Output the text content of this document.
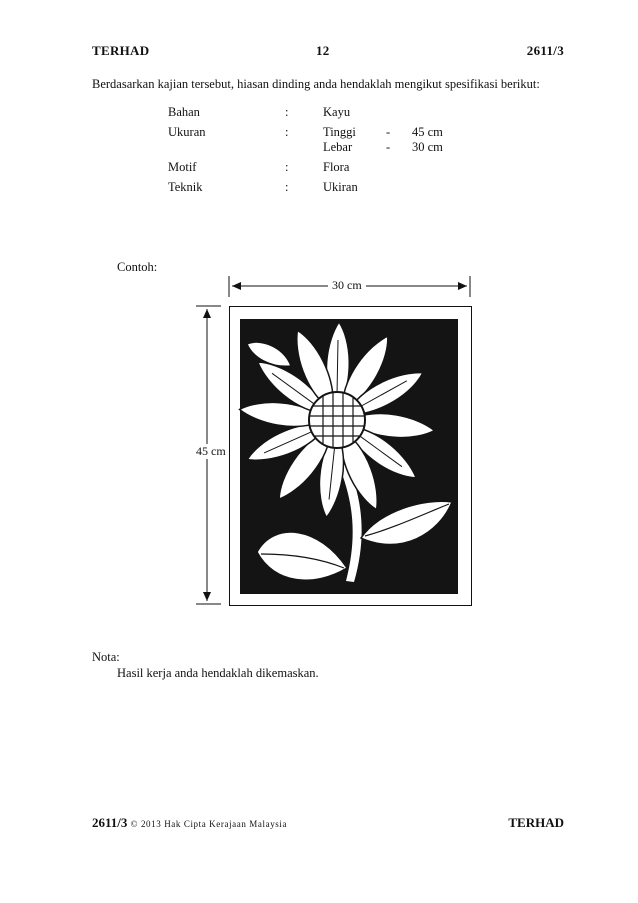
TERHAD	12	2611/3
Berdasarkan kajian tersebut, hiasan dinding anda hendaklah mengikut spesifikasi berikut:
Bahan	:	Kayu
Ukuran	:	Tinggi - 45 cm
Lebar	- 30 cm
Motif	:	Flora
Teknik	:	Ukiran
Contoh:
30 cm
45 cm
Nota:
Hasil kerja anda hendaklah dikemaskan.
2611/3 © 2013 Hak Cipta Kerajaan Malaysia	TERHAD
